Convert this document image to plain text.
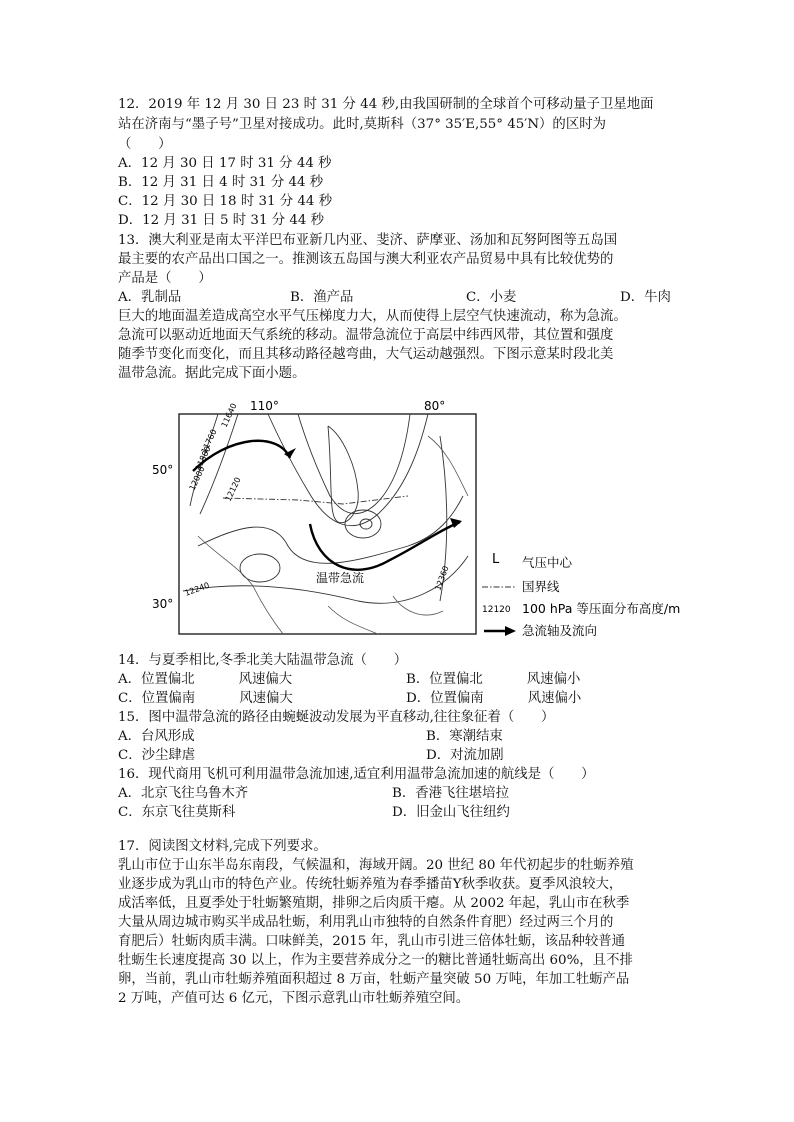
12．2019 年 12 月 30 日 23 时 31 分 44 秒,由我国研制的全球首个可移动量子卫星地面
站在济南与“墨子号”卫星对接成功。此时,莫斯科（37° 35′E,55° 45′N）的区时为
（　　）
A．12 月 30 日 17 时 31 分 44 秒
B．12 月 31 日 4 时 31 分 44 秒
C．12 月 30 日 18 时 31 分 44 秒
D．12 月 31 日 5 时 31 分 44 秒
13．澳大利亚是南太平洋巴布亚新几内亚、斐济、萨摩亚、汤加和瓦努阿图等五岛国
最主要的农产品出口国之一。推测该五岛国与澳大利亚农产品贸易中具有比较优势的
产品是（　　）
A．乳制品	B．渔产品	C．小麦	D．牛肉
巨大的地面温差造成高空水平气压梯度力大，从而使得上层空气快速流动，称为急流。
急流可以驱动近地面天气系统的移动。温带急流位于高层中纬西风带，其位置和强度
随季节变化而变化，而且其移动路径越弯曲，大气运动越强烈。下图示意某时段北美
温带急流。据此完成下面小题。
110°	80°
50°
30°
温带急流
11640
11760
11880
12000 12120
12240	12360
L 气压中心
国界线
12120 100 hPa 等压面分布高度/m
急流轴及流向
14．与夏季相比,冬季北美大陆温带急流（　　）
A．位置偏北	风速偏大	B．位置偏北	风速偏小
C．位置偏南	风速偏大	D．位置偏南	风速偏小
15．图中温带急流的路径由蜿蜒波动发展为平直移动,往往象征着（　　）
A．台风形成	B．寒潮结束
C．沙尘肆虐	D．对流加剧
16．现代商用飞机可利用温带急流加速,适宜利用温带急流加速的航线是（　　）
A．北京飞往乌鲁木齐	B．香港飞往堪培拉
C．东京飞往莫斯科	D．旧金山飞往纽约
17．阅读图文材料,完成下列要求。
乳山市位于山东半岛东南段，气候温和，海域开阔。20 世纪 80 年代初起步的牡蛎养殖
业逐步成为乳山市的特色产业。传统牡蛎养殖为春季播苗Y秋季收获。夏季风浪较大，
成活率低，且夏季处于牡蛎繁殖期，排卵之后肉质干瘪。从 2002 年起，乳山市在秋季
大量从周边城市购买半成品牡蛎，利用乳山市独特的自然条件育肥）经过两三个月的
育肥后）牡蛎肉质丰满。口味鲜美，2015 年，乳山市引进三倍体牡蛎，该品种较普通
牡蛎生长速度提高 30 以上，作为主要营养成分之一的糖比普通牡蛎高出 60%，且不排
卵，当前，乳山市牡蛎养殖面积超过 8 万亩，牡蛎产量突破 50 万吨，年加工牡蛎产品
2 万吨，产值可达 6 亿元，下图示意乳山市牡蛎养殖空间。
